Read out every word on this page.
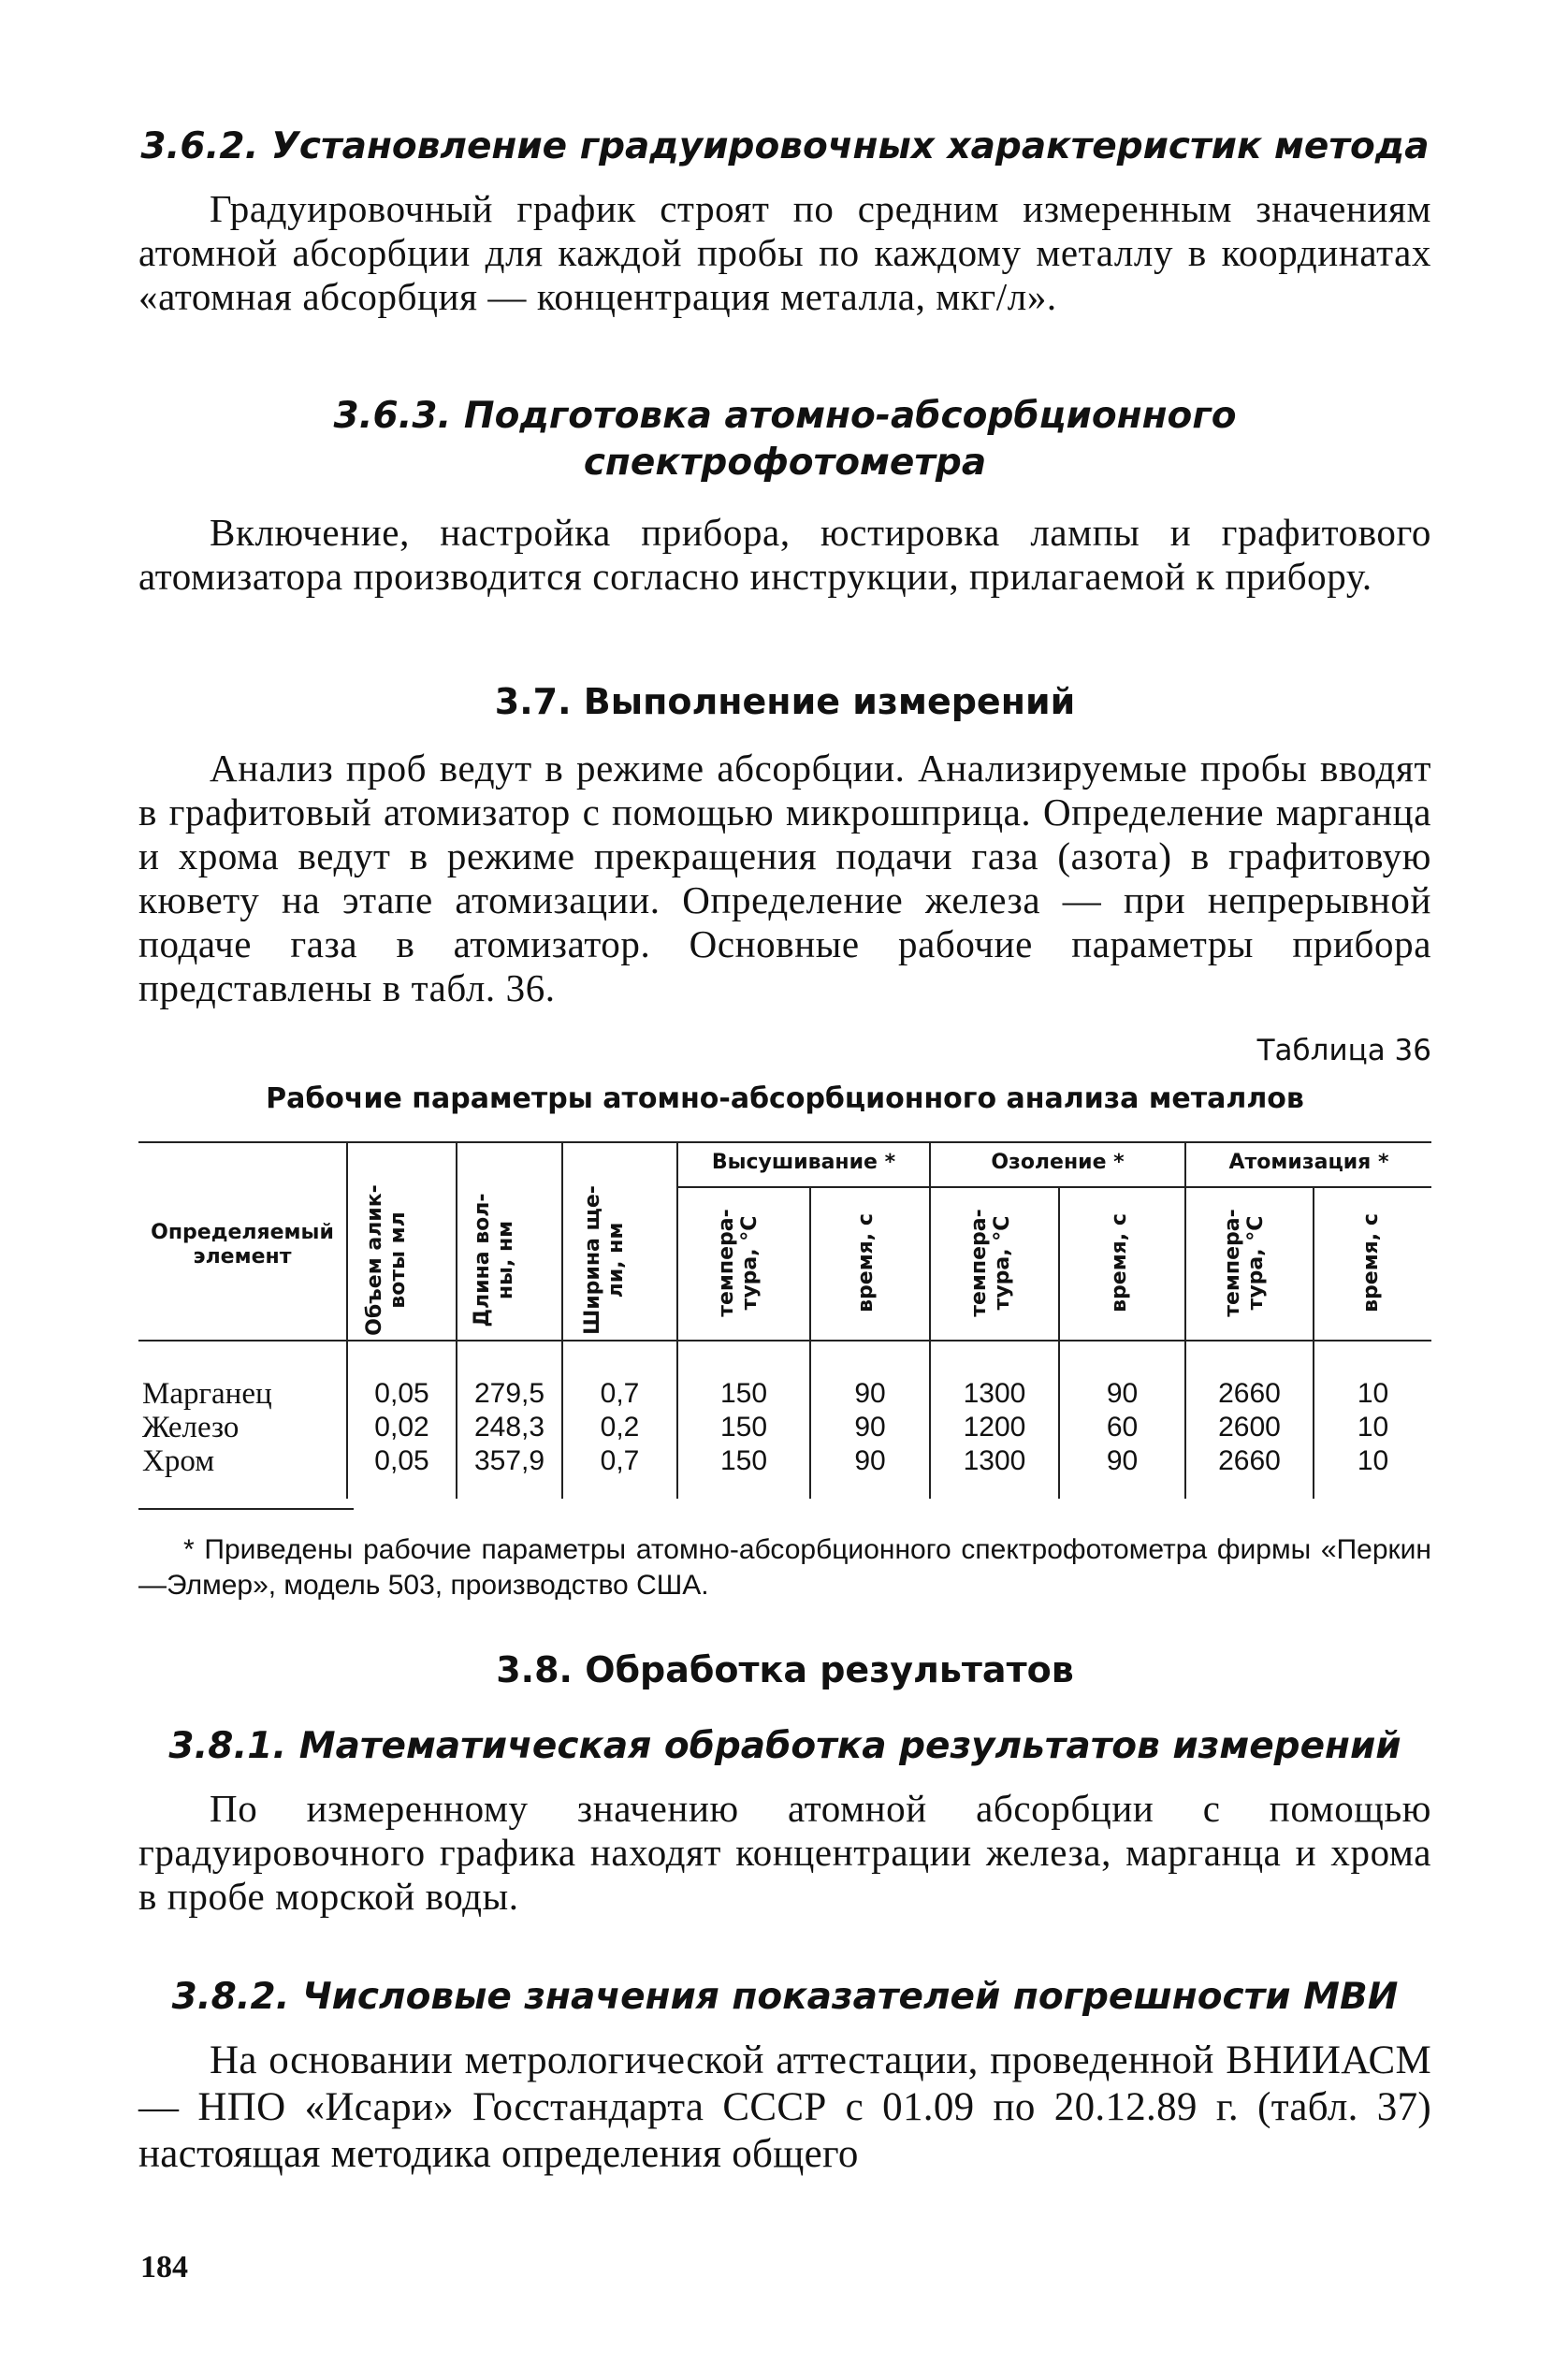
3.6.2. Установление градуировочных характеристик метода
Градуировочный график строят по средним измеренным значениям атомной абсорбции для каждой пробы по каждому металлу в координатах «атомная абсорбция — концентрация металла, мкг/л».
3.6.3. Подготовка атомно-абсорбционного
спектрофотометра
Включение, настройка прибора, юстировка лампы и графитового атомизатора производится согласно инструкции, прилагаемой к прибору.
3.7. Выполнение измерений
Анализ проб ведут в режиме абсорбции. Анализируемые пробы вводят в графитовый атомизатор с помощью микрошприца. Определение марганца и хрома ведут в режиме прекращения подачи газа (азота) в графитовую кювету на этапе атомизации. Определение железа — при непрерывной подаче газа в атомизатор. Основные рабочие параметры прибора представлены в табл. 36.
Таблица 36
Рабочие параметры атомно-абсорбционного анализа металлов
Определяемый элемент	Объем алик-воты мл	Длина вол-ны, нм	Ширина ще-ли, нм
Высушивание *	Озоление *	Атомизация *
темпера-тура, °С	время, с	темпера-тура, °С	время, с	темпера-тура, °С	время, с
Марганец	0,05	279,5	0,7	150	90	1300	90	2660	10
Железо	0,02	248,3	0,2	150	90	1200	60	2600	10
Хром	0,05	357,9	0,7	150	90	1300	90	2660	10
* Приведены рабочие параметры атомно-абсорбционного спектрофотометра фирмы «Перкин—Элмер», модель 503, производство США.
3.8. Обработка результатов
3.8.1. Математическая обработка результатов измерений
По измеренному значению атомной абсорбции с помощью градуировочного графика находят концентрации железа, марганца и хрома в пробе морской воды.
3.8.2. Числовые значения показателей погрешности МВИ
На основании метрологической аттестации, проведенной ВНИИАСМ — НПО «Исари» Госстандарта СССР с 01.09 по 20.12.89 г. (табл. 37) настоящая методика определения общего
184
